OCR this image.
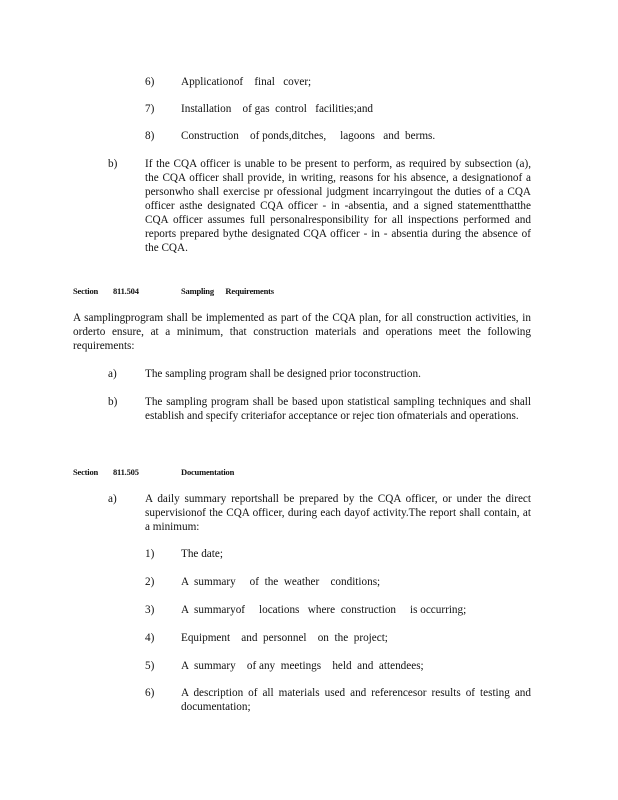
6) Applicationof    final   cover;
7) Installation    of gas  control   facilities;and
8) Construction    of ponds,ditches,     lagoons   and  berms.
b) If the CQA officer is unable to be present to perform, as required by subsection (a), the CQA officer shall provide, in writing, reasons for his absence, a designationof a personwho shall exercise pr ofessional judgment incarryingout the duties of a CQA officer asthe designated CQA officer - in -absentia, and a signed statementthatthe CQA officer assumes full personalresponsibility for all inspections performed and reports prepared bythe designated CQA officer - in - absentia during the absence of the CQA.
Section 811.504	Sampling      Requirements
A samplingprogram shall be implemented as part of the CQA plan, for all construction activities, in orderto ensure, at a minimum, that construction materials and operations meet the following requirements:
a)	The sampling program shall be designed prior toconstruction.
b) The sampling program shall be based upon statistical sampling techniques and shall establish and specify criteriafor acceptance or rejec tion ofmaterials and operations.
Section 811.505	Documentation
a)	A daily summary reportshall be prepared by the CQA officer, or under the direct supervisionof the CQA officer, during each dayof activity.The report shall contain, at a minimum:
1) The date;
2) A  summary     of  the  weather    conditions;
3) A  summaryof     locations   where  construction     is occurring;
4) Equipment    and  personnel    on  the  project;
5) A  summary    of any  meetings    held  and  attendees;
6) A description of all materials used and referencesor results of testing and documentation;
